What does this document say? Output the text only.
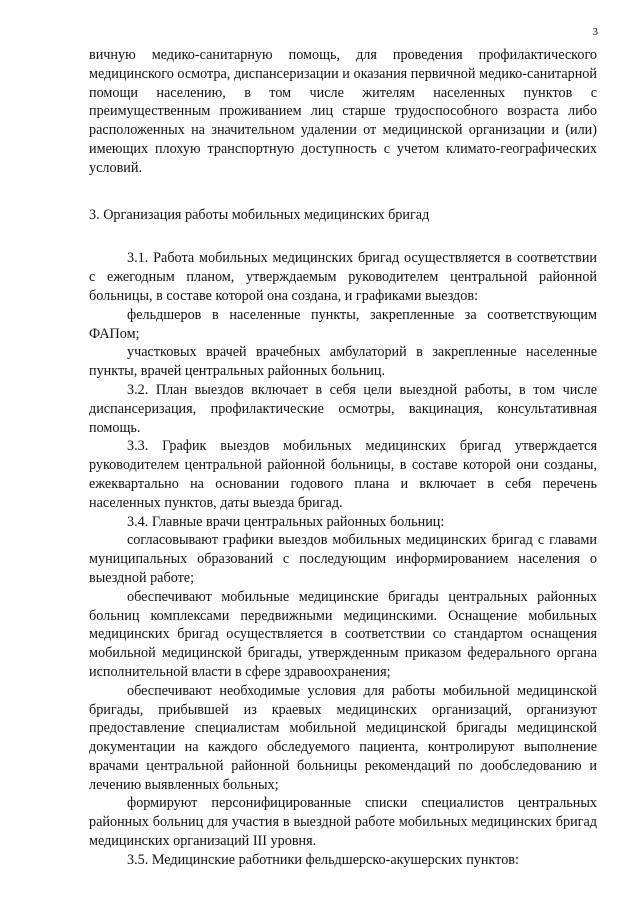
3

вичную медико-санитарную помощь, для проведения профилактического медицинского осмотра, диспансеризации и оказания первичной медико-санитарной помощи населению, в том числе жителям населенных пунктов с преимущественным проживанием лиц старше трудоспособного возраста либо расположенных на значительном удалении от медицинской организации и (или) имеющих плохую транспортную доступность с учетом климато-географических условий.

3. Организация работы мобильных медицинских бригад

3.1. Работа мобильных медицинских бригад осуществляется в соответствии с ежегодным планом, утверждаемым руководителем центральной районной больницы, в составе которой она создана, и графиками выездов:

фельдшеров в населенные пункты, закрепленные за соответствующим ФАПом;

участковых врачей врачебных амбулаторий в закрепленные населенные пункты, врачей центральных районных больниц.

3.2. План выездов включает в себя цели выездной работы, в том числе диспансеризация, профилактические осмотры, вакцинация, консультативная помощь.

3.3. График выездов мобильных медицинских бригад утверждается руководителем центральной районной больницы, в составе которой они созданы, ежеквартально на основании годового плана и включает в себя перечень населенных пунктов, даты выезда бригад.

3.4. Главные врачи центральных районных больниц:

согласовывают графики выездов мобильных медицинских бригад с главами муниципальных образований с последующим информированием населения о выездной работе;

обеспечивают мобильные медицинские бригады центральных районных больниц комплексами передвижными медицинскими. Оснащение мобильных медицинских бригад осуществляется в соответствии со стандартом оснащения мобильной медицинской бригады, утвержденным приказом федерального органа исполнительной власти в сфере здравоохранения;

обеспечивают необходимые условия для работы мобильной медицинской бригады, прибывшей из краевых медицинских организаций, организуют предоставление специалистам мобильной медицинской бригады медицинской документации на каждого обследуемого пациента, контролируют выполнение врачами центральной районной больницы рекомендаций по дообследованию и лечению выявленных больных;

формируют персонифицированные списки специалистов центральных районных больниц для участия в выездной работе мобильных медицинских бригад медицинских организаций III уровня.

3.5. Медицинские работники фельдшерско-акушерских пунктов:
